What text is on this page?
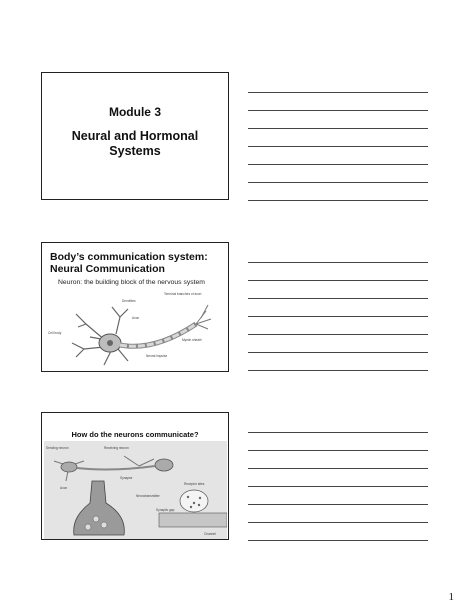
Module 3
Neural and Hormonal
Systems
Body’s communication system:
Neural Communication
Neuron: the building block of the nervous system
Terminal branches of axon
Dendrites
Axon
Cell body
Myelin sheath
Neural impulse
How do the neurons communicate?
Sending neuron	Receiving neuron
Synapse
Axon
Neurotransmitter
Receptor sites
Synaptic gap
Channel
1
